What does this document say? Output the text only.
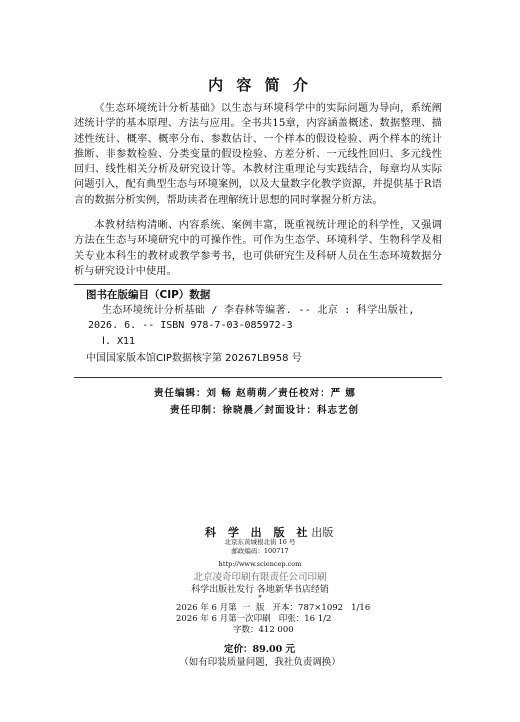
内 容 简 介
《生态环境统计分析基础》以生态与环境科学中的实际问题为导向，系统阐述统计学的基本原理、方法与应用。全书共15章，内容涵盖概述、数据整理、描述性统计、概率、概率分布、参数估计、一个样本的假设检验、两个样本的统计推断、非参数检验、分类变量的假设检验、方差分析、一元线性回归、多元线性回归、线性相关分析及研究设计等。本教材注重理论与实践结合，每章均从实际问题引入，配有典型生态与环境案例，以及大量数字化教学资源，并提供基于R语言的数据分析实例，帮助读者在理解统计思想的同时掌握分析方法。
本教材结构清晰、内容系统、案例丰富，既重视统计理论的科学性，又强调方法在生态与环境研究中的可操作性。可作为生态学、环境科学、生物科学及相关专业本科生的教材或教学参考书，也可供研究生及科研人员在生态环境数据分析与研究设计中使用。
图书在版编目（CIP）数据
生态环境统计分析基础 / 李春林等编著. -- 北京 : 科学出版社,
2026. 6. -- ISBN 978-7-03-085972-3
Ⅰ. X11
中国国家版本馆CIP数据核字第 20267LB958 号
责任编辑：刘 畅 赵萌萌／责任校对：严 娜
责任印制：徐晓晨／封面设计：科志艺创
科 学 出 版 社出版
北京东黄城根北街 16 号
邮政编码：100717
http://www.sciencep.com
北京凌奇印刷有限责任公司印刷
科学出版社发行 各地新华书店经销
*
2026 年 6 月第  一  版   开本：787×1092   1/16
2026 年 6 月第一次印刷   印张：16 1/2
字数：412 000
定价：89.00 元
（如有印装质量问题，我社负责调换）
